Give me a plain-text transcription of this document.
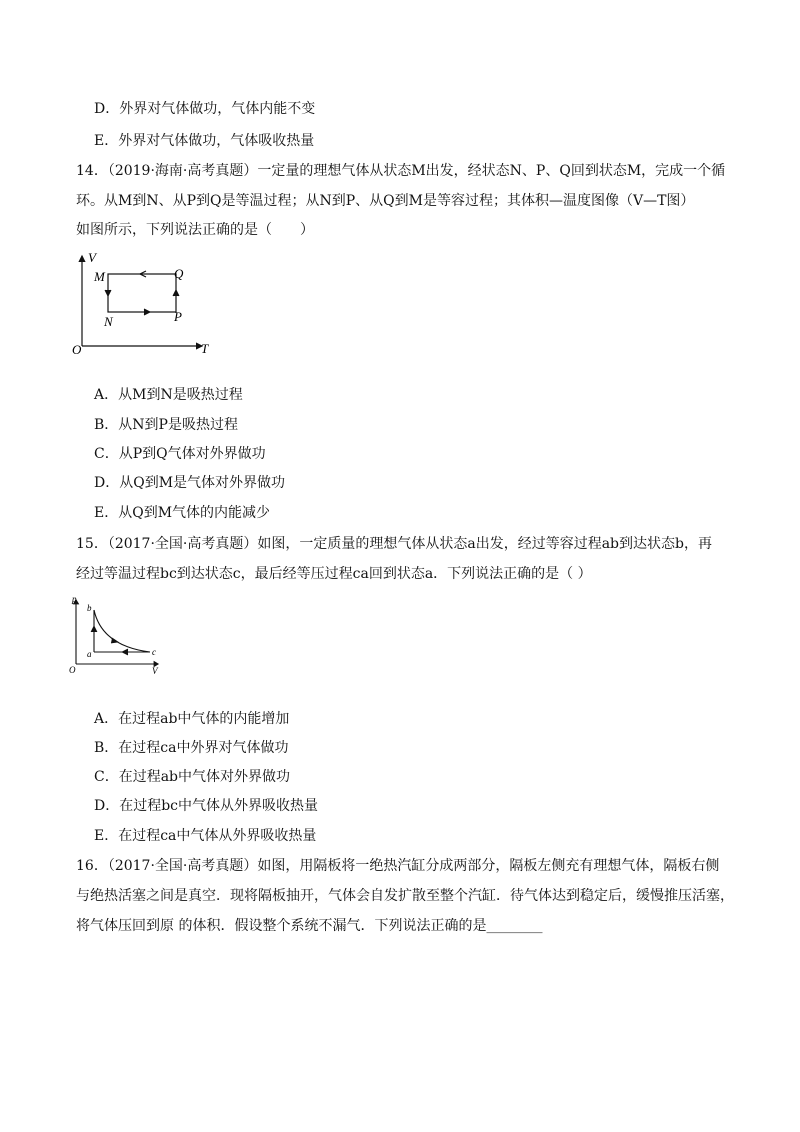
D．外界对气体做功，气体内能不变
E．外界对气体做功，气体吸收热量
14．（2019·海南·高考真题）一定量的理想气体从状态M出发，经状态N、P、Q回到状态M，完成一个循
环。从M到N、从P到Q是等温过程；从N到P、从Q到M是等容过程；其体积—温度图像（V—T图）
如图所示，下列说法正确的是（　　）
V
T
O
M	Q
N	P
A．从M到N是吸热过程
B．从N到P是吸热过程
C．从P到Q气体对外界做功
D．从Q到M是气体对外界做功
E．从Q到M气体的内能减少
15．（2017·全国·高考真题）如图，一定质量的理想气体从状态a出发，经过等容过程ab到达状态b，再
经过等温过程bc到达状态c，最后经等压过程ca回到状态a．下列说法正确的是（ ）
p
V
O
a
b
c
A．在过程ab中气体的内能增加
B．在过程ca中外界对气体做功
C．在过程ab中气体对外界做功
D．在过程bc中气体从外界吸收热量
E．在过程ca中气体从外界吸收热量
16．（2017·全国·高考真题）如图，用隔板将一绝热汽缸分成两部分，隔板左侧充有理想气体，隔板右侧
与绝热活塞之间是真空．现将隔板抽开，气体会自发扩散至整个汽缸．待气体达到稳定后，缓慢推压活塞，
将气体压回到原 的体积．假设整个系统不漏气．下列说法正确的是________
